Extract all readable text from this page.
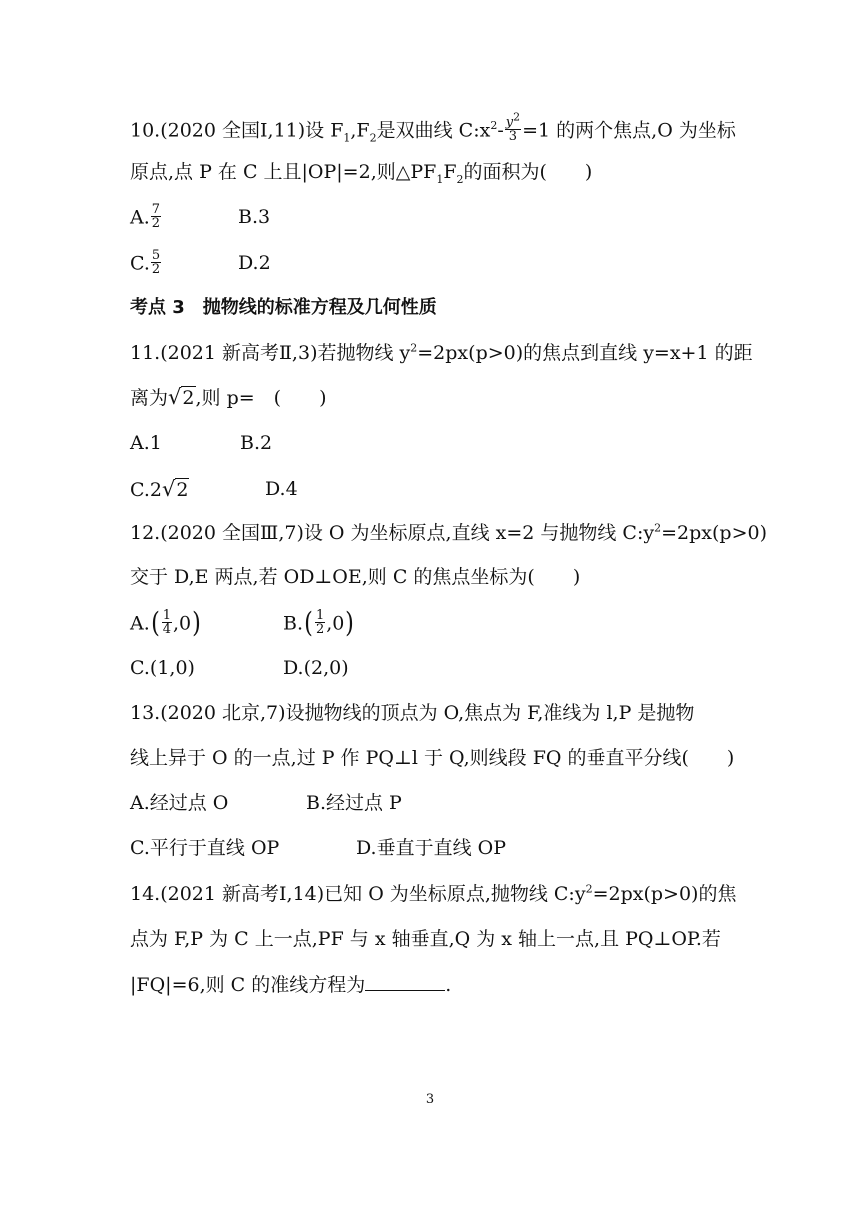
10.(2020 全国Ⅰ,11)设 $F_1,F_2$是双曲线 $C:x^2- \frac{y^2}{3} =1$ 的两个焦点,O 为坐标
原点,点 P 在 C 上且|OP|=2,则$\triangle PF_1F_2$的面积为(　　)
A. $\frac{7}{2}$	B.3
C. $\frac{5}{2}$	D.2
考点 3　抛物线的标准方程及几何性质
11.(2021 新高考Ⅱ,3)若抛物线 $y^2=2px(p>0)$的焦点到直线 y=x+1 的距
离为√2,则 p=　(　　)
A.1	B.2
C.2√2	D.4
12.(2020 全国Ⅲ,7)设 O 为坐标原点,直线 x=2 与抛物线 $C:y^2=2px(p>0)$
交于 D,E 两点,若 OD⊥OE,则 C 的焦点坐标为(　　)
$A.( \frac{1}{4} ,0)$	$B.( \frac{1}{2} ,0)$
C.(1,0)	D.(2,0)
13.(2020 北京,7)设抛物线的顶点为 O,焦点为 F,准线为 l,P 是抛物
线上异于 O 的一点,过 P 作 PQ⊥l 于 Q,则线段 FQ 的垂直平分线(　　)
A.经过点 O	B.经过点 P
C.平行于直线 OP	D.垂直于直线 OP
14.(2021 新高考Ⅰ,14)已知 O 为坐标原点,抛物线 $C:y^2=2px(p>0)$的焦
点为 F,P 为 C 上一点,PF 与 x 轴垂直,Q 为 x 轴上一点,且 PQ⊥OP.若
|FQ|=6,则 C 的准线方程为	.
3
